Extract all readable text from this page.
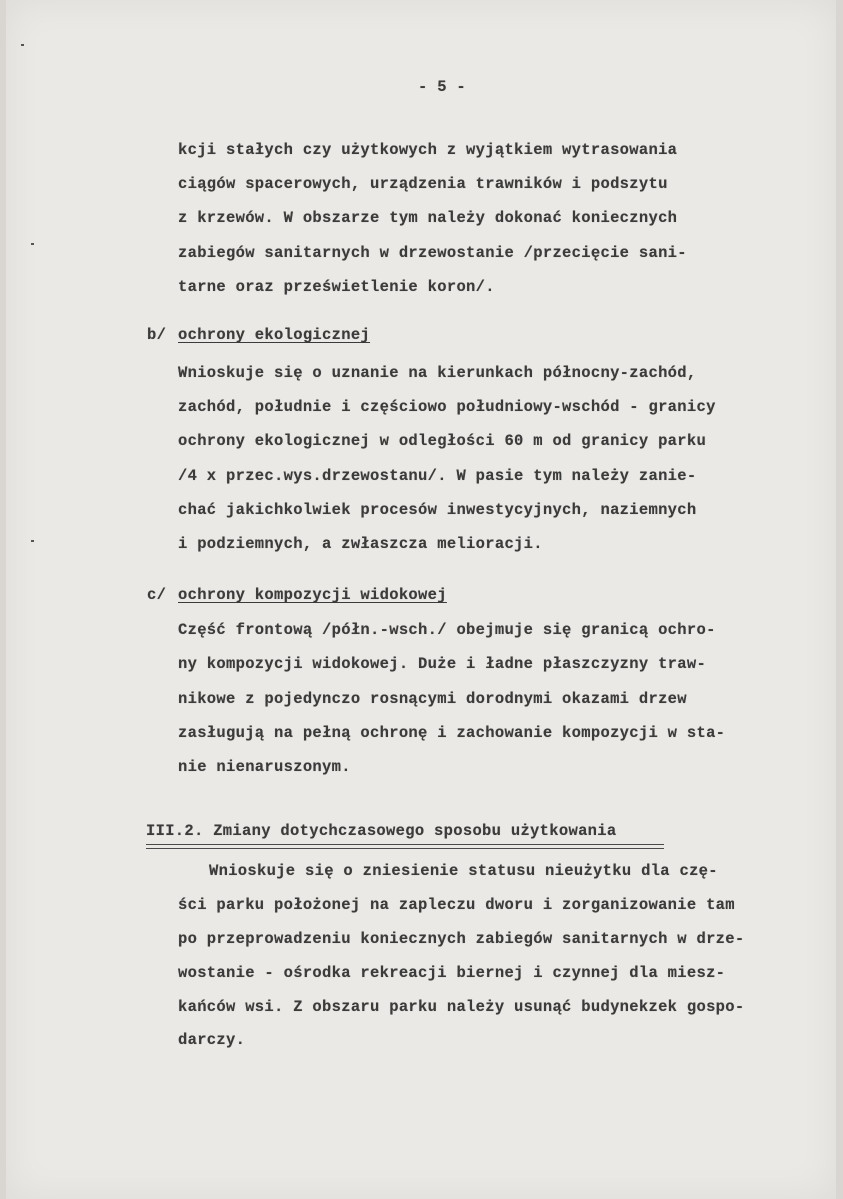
- 5 -
kcji stałych czy użytkowych z wyjątkiem wytrasowania
ciągów spacerowych, urządzenia trawników i podszytu
z krzewów. W obszarze tym należy dokonać koniecznych
zabiegów sanitarnych w drzewostanie /przecięcie sani-
tarne oraz prześwietlenie koron/.
b/ ochrony ekologicznej
Wnioskuje się o uznanie na kierunkach północny-zachód,
zachód, południe i częściowo południowy-wschód - granicy
ochrony ekologicznej w odległości 60 m od granicy parku
/4 x przec.wys.drzewostanu/. W pasie tym należy zanie-
chać jakichkolwiek procesów inwestycyjnych, naziemnych
i podziemnych, a zwłaszcza melioracji.
c/ ochrony kompozycji widokowej
Część frontową /półn.-wsch./ obejmuje się granicą ochro-
ny kompozycji widokowej. Duże i ładne płaszczyzny traw-
nikowe z pojedynczo rosnącymi dorodnymi okazami drzew
zasługują na pełną ochronę i zachowanie kompozycji w sta-
nie nienaruszonym.
III.2. Zmiany dotychczasowego sposobu użytkowania
Wnioskuje się o zniesienie statusu nieużytku dla czę-
ści parku położonej na zapleczu dworu i zorganizowanie tam
po przeprowadzeniu koniecznych zabiegów sanitarnych w drze-
wostanie - ośrodka rekreacji biernej i czynnej dla miesz-
kańców wsi. Z obszaru parku należy usunąć budynekzek gospo-
darczy.
